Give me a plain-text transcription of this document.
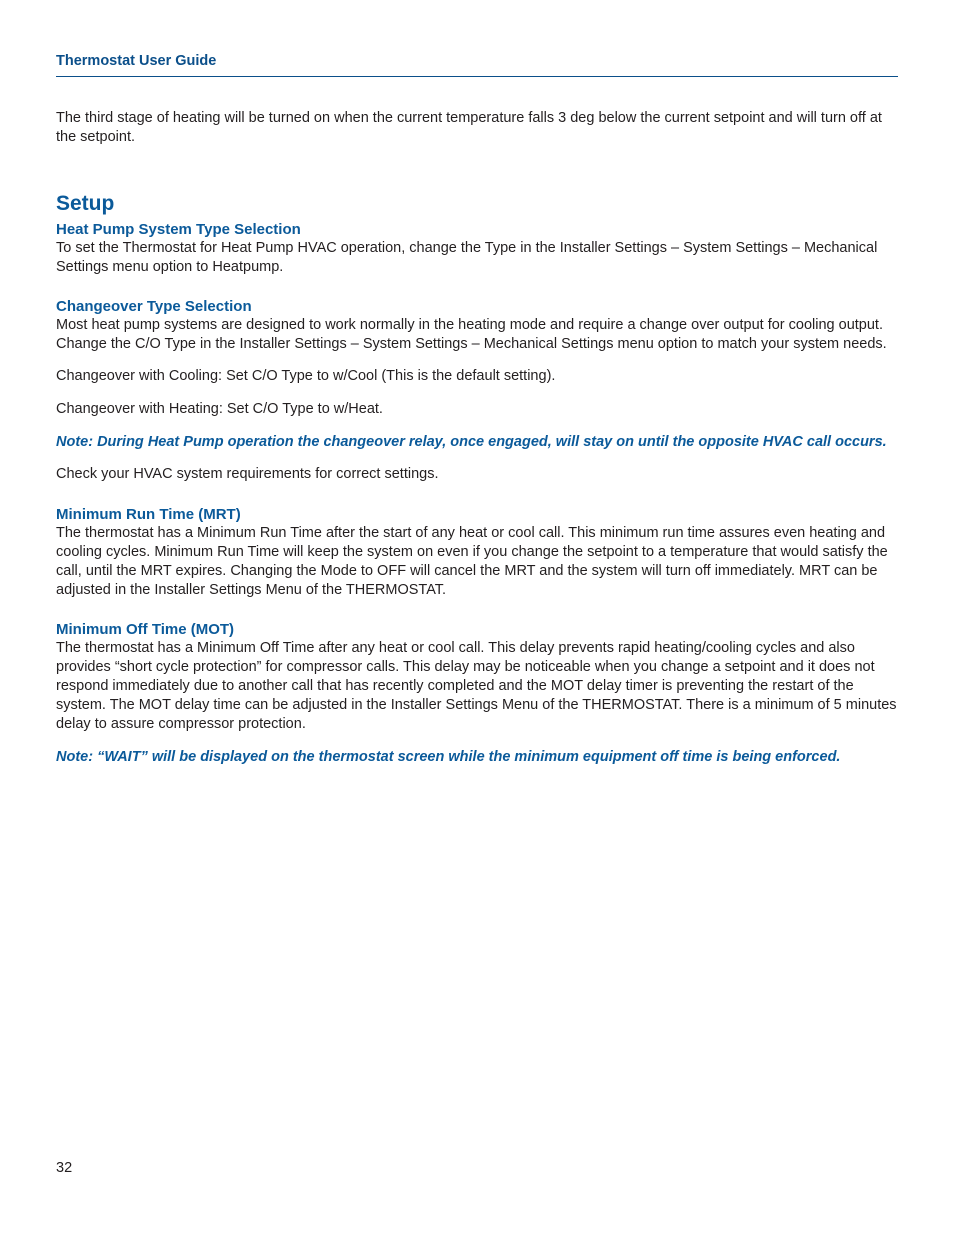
Thermostat User Guide

The third stage of heating will be turned on when the current temperature falls 3 deg below the current setpoint and will turn off at the setpoint.

Setup
Heat Pump System Type Selection

To set the Thermostat for Heat Pump HVAC operation, change the Type in the Installer Settings – System Settings – Mechanical Settings menu option to Heatpump.

Changeover Type Selection

Most heat pump systems are designed to work normally in the heating mode and require a change over output for cooling output. Change the C/O Type in the Installer Settings – System Settings – Mechanical Settings menu option to match your system needs.

Changeover with Cooling: Set C/O Type to w/Cool (This is the default setting).

Changeover with Heating: Set C/O Type to w/Heat.

Note: During Heat Pump operation the changeover relay, once engaged, will stay on until the opposite HVAC call occurs.

Check your HVAC system requirements for correct settings.

Minimum Run Time (MRT)

The thermostat has a Minimum Run Time after the start of any heat or cool call. This minimum run time assures even heating and cooling cycles. Minimum Run Time will keep the system on even if you change the setpoint to a temperature that would satisfy the call, until the MRT expires. Changing the Mode to OFF will cancel the MRT and the system will turn off immediately. MRT can be adjusted in the Installer Settings Menu of the THERMOSTAT.

Minimum Off Time (MOT)

The thermostat has a Minimum Off Time after any heat or cool call. This delay prevents rapid heating/cooling cycles and also provides “short cycle protection” for compressor calls. This delay may be noticeable when you change a setpoint and it does not respond immediately due to another call that has recently completed and the MOT delay timer is preventing the restart of the system. The MOT delay time can be adjusted in the Installer Settings Menu of the THERMOSTAT. There is a minimum of 5 minutes delay to assure compressor protection.

Note: “WAIT” will be displayed on the thermostat screen while the minimum equipment off time is being enforced.

32
